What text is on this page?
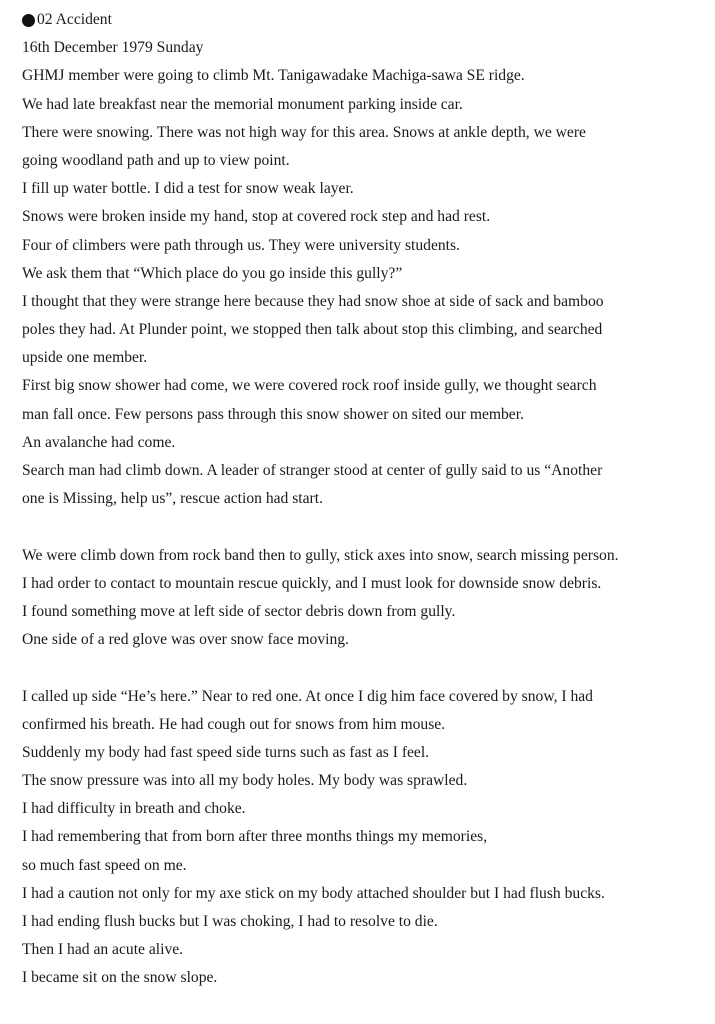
02 Accident
16th December 1979 Sunday
GHMJ member were going to climb Mt. Tanigawadake Machiga-sawa SE ridge.
We had late breakfast near the memorial monument parking inside car.
There were snowing. There was not high way for this area. Snows at ankle depth, we were
going woodland path and up to view point.
I fill up water bottle. I did a test for snow weak layer.
Snows were broken inside my hand, stop at covered rock step and had rest.
Four of climbers were path through us. They were university students.
We ask them that “Which place do you go inside this gully?”
I thought that they were strange here because they had snow shoe at side of sack and bamboo
poles they had. At Plunder point, we stopped then talk about stop this climbing, and searched
upside one member.
First big snow shower had come, we were covered rock roof inside gully, we thought search
man fall once. Few persons pass through this snow shower on sited our member.
An avalanche had come.
Search man had climb down. A leader of stranger stood at center of gully said to us “Another
one is Missing, help us”, rescue action had start.
We were climb down from rock band then to gully, stick axes into snow, search missing person.
I had order to contact to mountain rescue quickly, and I must look for downside snow debris.
I found something move at left side of sector debris down from gully.
One side of a red glove was over snow face moving.
I called up side “He’s here.” Near to red one. At once I dig him face covered by snow, I had
confirmed his breath. He had cough out for snows from him mouse.
Suddenly my body had fast speed side turns such as fast as I feel.
The snow pressure was into all my body holes. My body was sprawled.
I had difficulty in breath and choke.
I had remembering that from born after three months things my memories,
so much fast speed on me.
I had a caution not only for my axe stick on my body attached shoulder but I had flush bucks.
I had ending flush bucks but I was choking, I had to resolve to die.
Then I had an acute alive.
I became sit on the snow slope.
